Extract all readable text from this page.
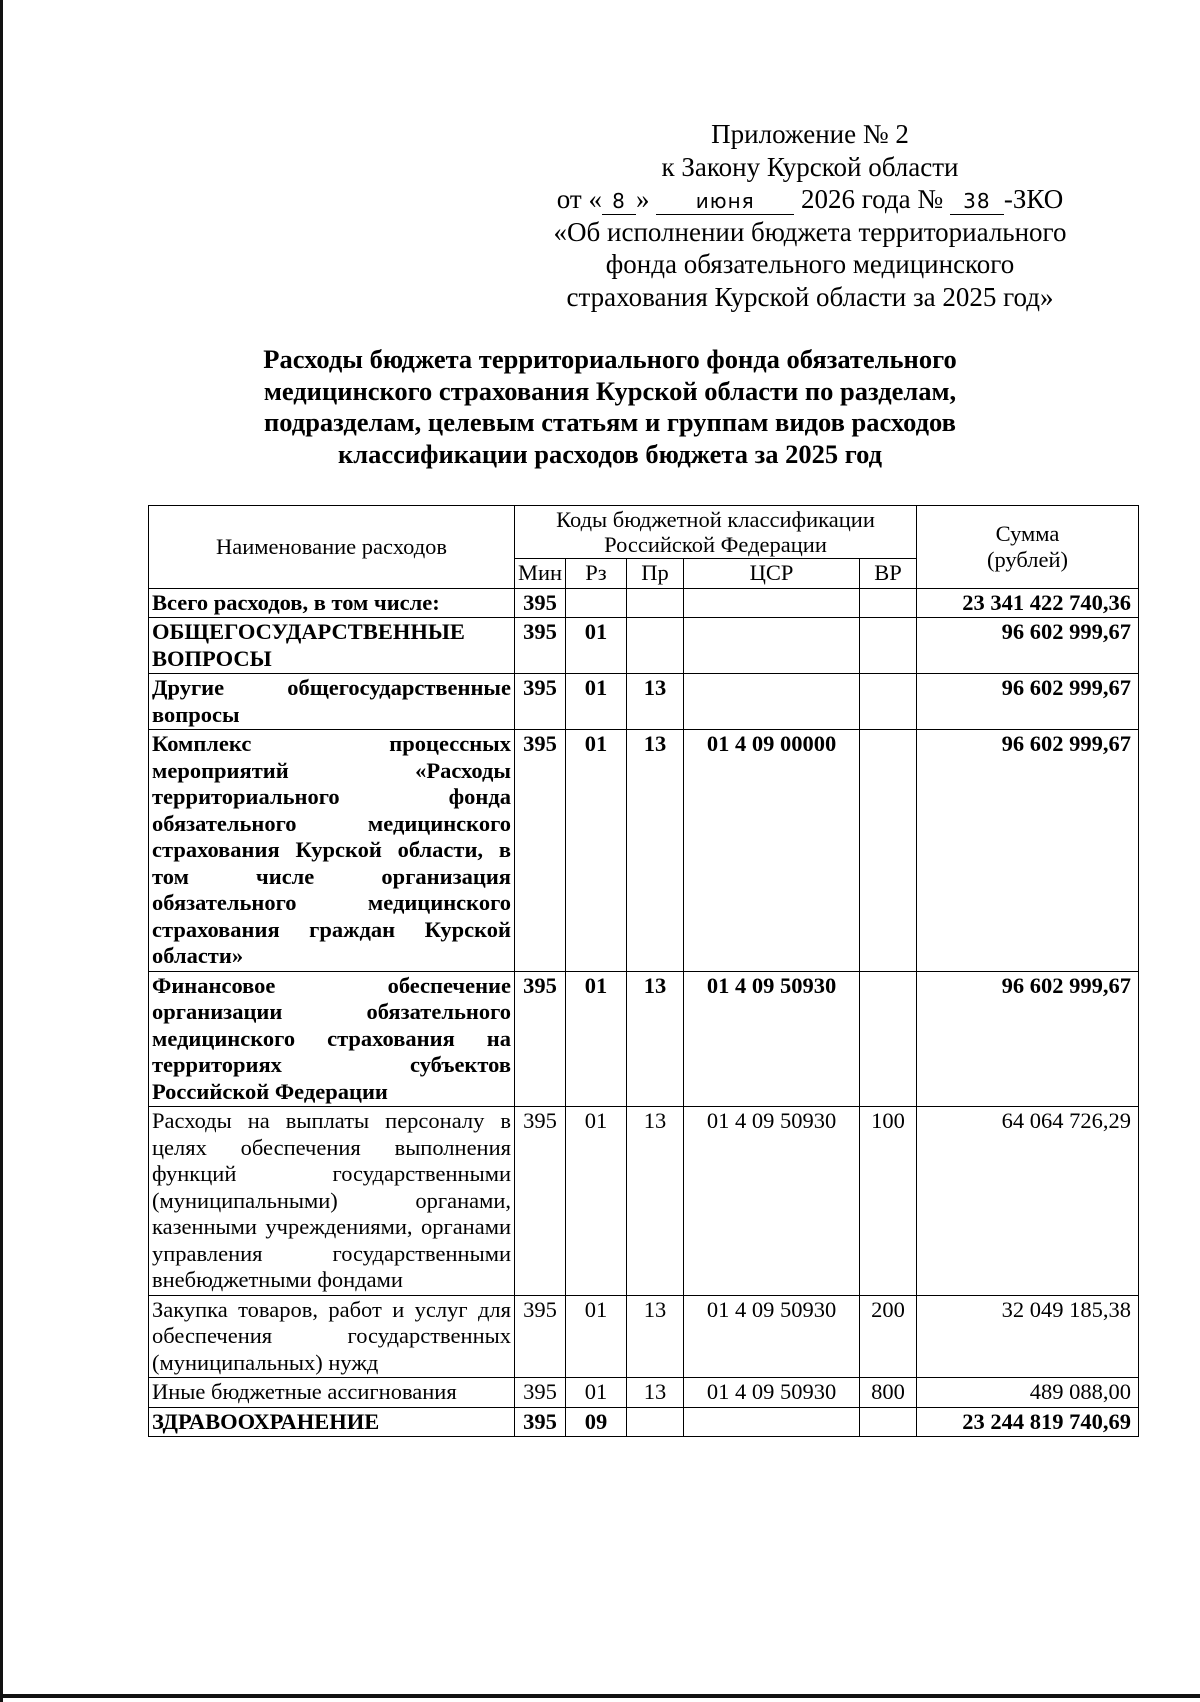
Приложение № 2
к Закону Курской области
от « 8 » июня 2026 года № 38 -ЗКО
«Об исполнении бюджета территориального
фонда обязательного медицинского
страхования Курской области за 2025 год»
Расходы бюджета территориального фонда обязательного
медицинского страхования Курской области по разделам,
подразделам, целевым статьям и группам видов расходов
классификации расходов бюджета за 2025 год
Наименование расходов	Коды бюджетной классификации Российской Федерации					Сумма (рублей)
	Мин	Рз	Пр	ЦСР	ВР	
Всего расходов, в том числе:	395					23 341 422 740,36
ОБЩЕГОСУДАРСТВЕННЫЕ ВОПРОСЫ	395	01				96 602 999,67
Другие общегосударственные вопросы	395	01	13			96 602 999,67
Комплекс процессных мероприятий «Расходы территориального фонда обязательного медицинского страхования Курской области, в том числе организация обязательного медицинского страхования граждан Курской области»	395	01	13	01 4 09 00000		96 602 999,67
Финансовое обеспечение организации обязательного медицинского страхования на территориях субъектов Российской Федерации	395	01	13	01 4 09 50930		96 602 999,67
Расходы на выплаты персоналу в целях обеспечения выполнения функций государственными (муниципальными) органами, казенными учреждениями, органами управления государственными внебюджетными фондами	395	01	13	01 4 09 50930	100	64 064 726,29
Закупка товаров, работ и услуг для обеспечения государственных (муниципальных) нужд	395	01	13	01 4 09 50930	200	32 049 185,38
Иные бюджетные ассигнования	395	01	13	01 4 09 50930	800	489 088,00
ЗДРАВООХРАНЕНИЕ	395	09				23 244 819 740,69
